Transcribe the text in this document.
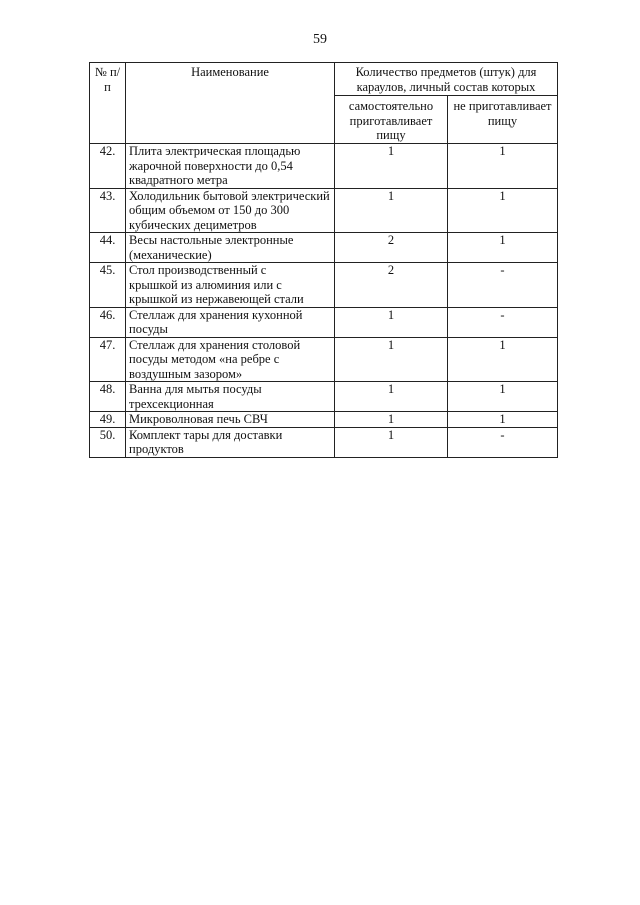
59
№ п/п	Наименование	Количество предметов (штук) для караулов, личный состав которых	
		самостоятельно приготавливает пищу	не приготавливает пищу
42.	Плита электрическая площадью жарочной поверхности до 0,54 квадратного метра	1	1
43.	Холодильник бытовой электрический общим объемом от 150 до 300 кубических дециметров	1	1
44.	Весы настольные электронные (механические)	2	1
45.	Стол производственный с крышкой из алюминия или с крышкой из нержавеющей стали	2	-
46.	Стеллаж для хранения кухонной посуды	1	-
47.	Стеллаж для хранения столовой посуды методом «на ребре с воздушным зазором»	1	1
48.	Ванна для мытья посуды трехсекционная	1	1
49.	Микроволновая печь СВЧ	1	1
50.	Комплект тары для доставки продуктов	1	-
